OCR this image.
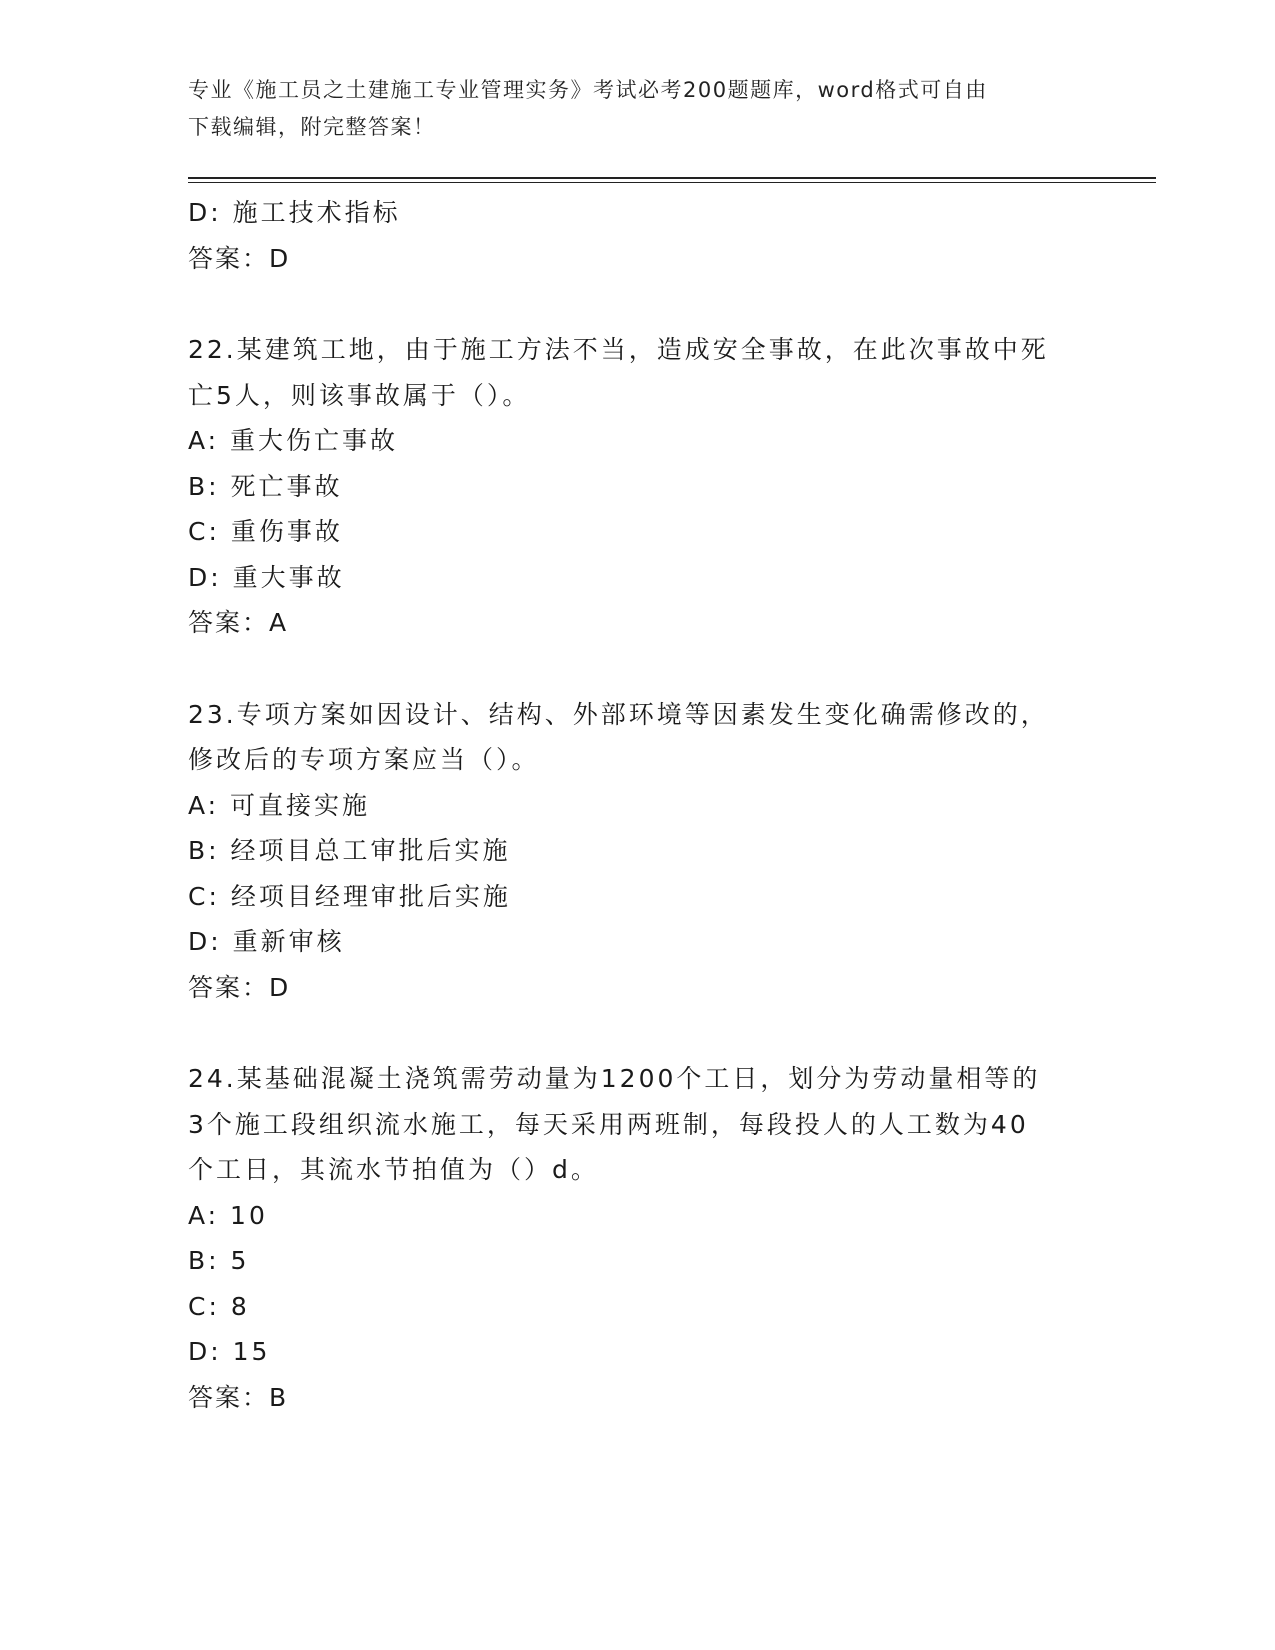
专业《施工员之土建施工专业管理实务》考试必考200题题库，word格式可自由
下载编辑，附完整答案！
D: 施工技术指标
答案：D
22.某建筑工地，由于施工方法不当，造成安全事故，在此次事故中死
亡5人，则该事故属于（）。
A: 重大伤亡事故
B: 死亡事故
C: 重伤事故
D: 重大事故
答案：A
23.专项方案如因设计、结构、外部环境等因素发生变化确需修改的，
修改后的专项方案应当（）。
A: 可直接实施
B: 经项目总工审批后实施
C: 经项目经理审批后实施
D: 重新审核
答案：D
24.某基础混凝土浇筑需劳动量为1200个工日，划分为劳动量相等的
3个施工段组织流水施工，每天采用两班制，每段投人的人工数为40
个工日，其流水节拍值为（）d。
A: 10
B: 5
C: 8
D: 15
答案：B
